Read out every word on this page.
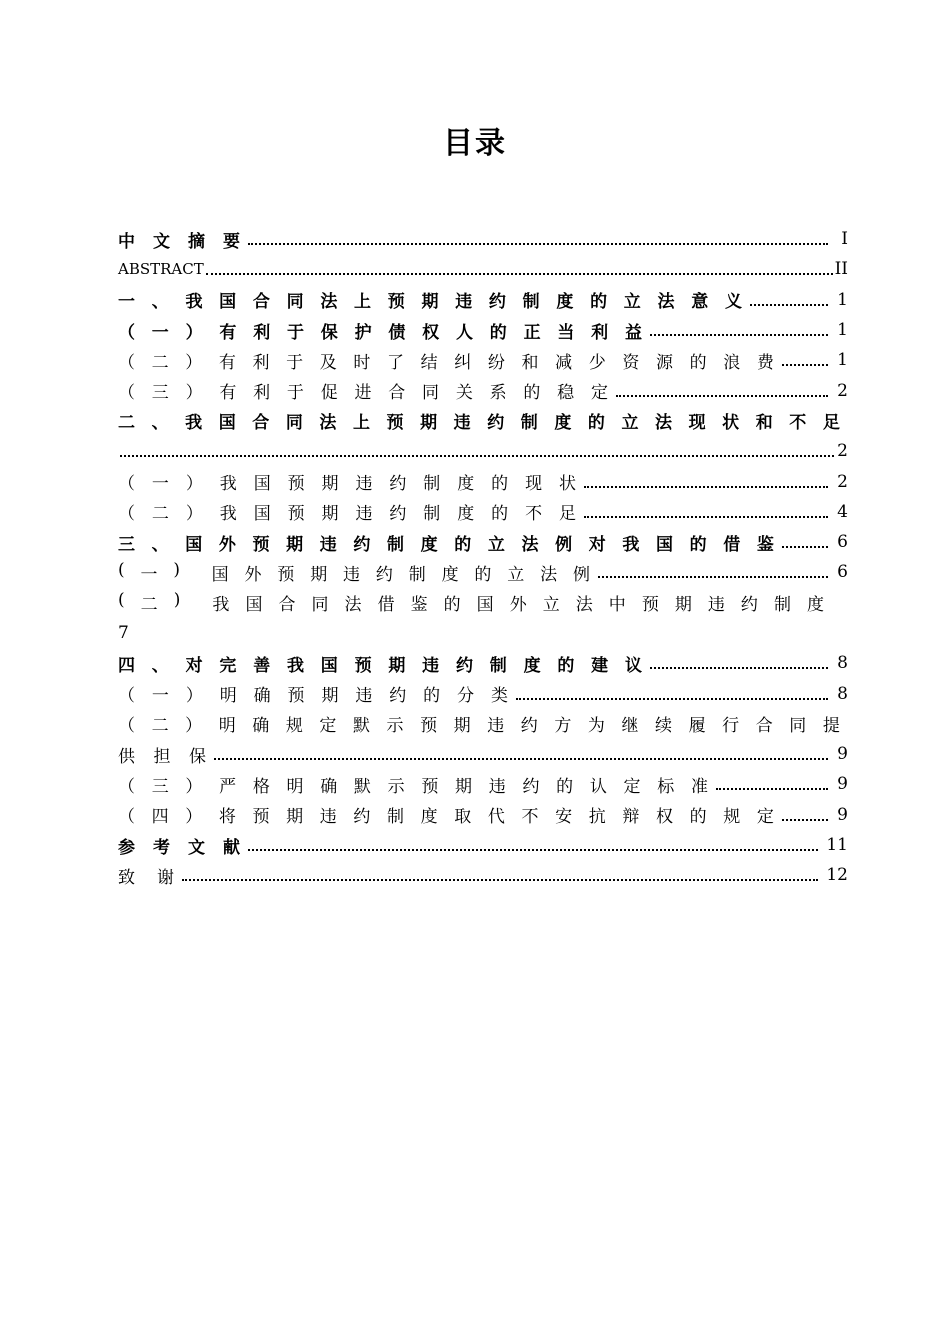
目录
中 文 摘 要	I
ABSTRACT	II
一 、 我 国 合 同 法 上 预 期 违 约 制 度 的 立 法 意 义	1
（ 一 ） 有 利 于 保 护 债 权 人 的 正 当 利 益	1
（ 二 ） 有 利 于 及 时 了 结 纠 纷 和 减 少 资 源 的 浪 费	1
（ 三 ） 有 利 于 促 进 合 同 关 系 的 稳 定	2
二 、 我 国 合 同 法 上 预 期 违 约 制 度 的 立 法 现 状 和 不 足
2
（ 一 ） 我 国 预 期 违 约 制 度 的 现 状	2
（ 二 ） 我 国 预 期 违 约 制 度 的 不 足	4
三 、 国 外 预 期 违 约 制 度 的 立 法 例 对 我 国 的 借 鉴	6
( 一 ) 国 外 预 期 违 约 制 度 的 立 法 例	6
( 二 ) 我 国 合 同 法 借 鉴 的 国 外 立 法 中 预 期 违 约 制 度
7
四 、 对 完 善 我 国 预 期 违 约 制 度 的 建 议	8
（ 一 ） 明 确 预 期 违 约 的 分 类	8
（ 二 ） 明 确 规 定 默 示 预 期 违 约 方 为 继 续 履 行 合 同 提
供 担 保	9
（ 三 ） 严 格 明 确 默 示 预 期 违 约 的 认 定 标 准	9
（ 四 ） 将 预 期 违 约 制 度 取 代 不 安 抗 辩 权 的 规 定	9
参 考 文 献	11
致 谢	12
